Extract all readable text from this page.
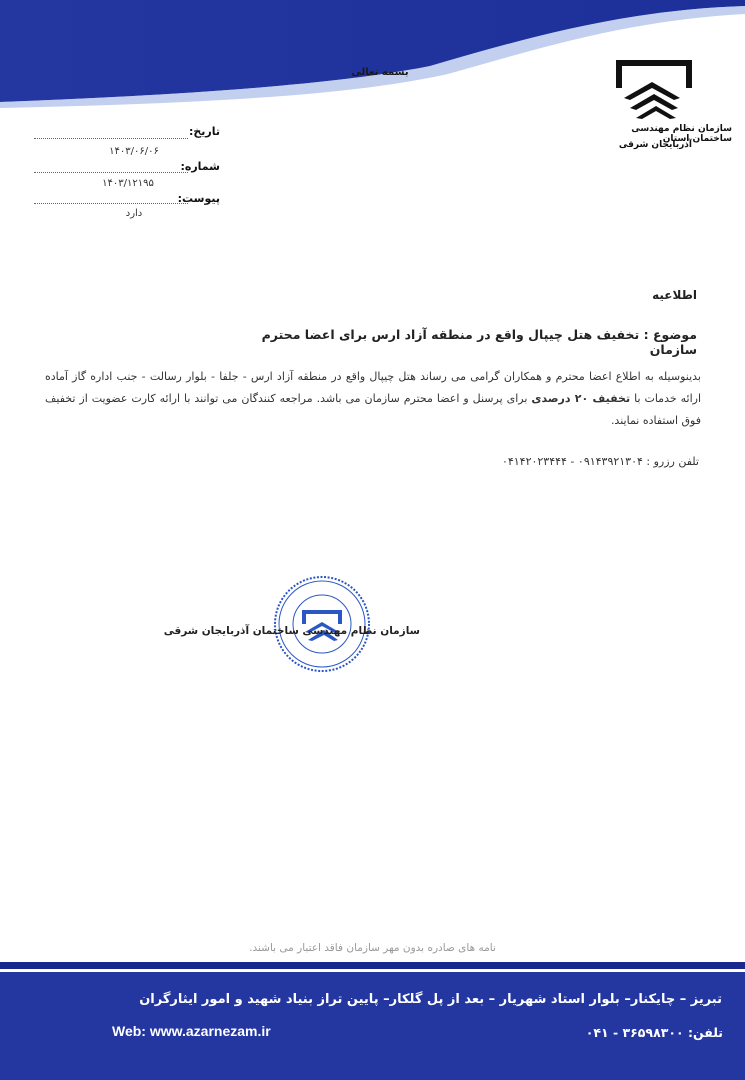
بسمه تعالی
سازمان نظام مهندسی ساختمان استان
آذربایجان شرقی
تاریخ:
۱۴۰۳/۰۶/۰۶
شماره:
۱۴۰۳/۱۲۱۹۵
پیوست:
دارد
اطلاعیه
موضوع : تخفیف هتل چیپال واقع در منطقه آزاد ارس برای اعضا محترم سازمان
بدینوسیله به اطلاع اعضا محترم و همکاران گرامی می رساند هتل چیپال واقع در منطقه آزاد ارس - جلفا - بلوار رسالت - جنب اداره گاز آماده ارائه خدمات با تخفیف ۲۰ درصدی برای پرسنل و اعضا محترم سازمان می باشد. مراجعه کنندگان می توانند با ارائه کارت عضویت از تخفیف فوق استفاده نمایند.
تلفن رزرو : ۰۹۱۴۳۹۲۱۳۰۴ - ۰۴۱۴۲۰۲۳۴۴۴
سازمان نظام مهندسی ساختمان آذربایجان شرقی
نامه های صادره بدون مهر سازمان فاقد اعتبار می باشند.
تبریز – چایکنار– بلوار استاد شهریار – بعد از پل گلکار– پایین تراز بنیاد شهید و امور ایثارگران
Web: www.azarnezam.ir	تلفن: ۳۶۵۹۸۳۰۰ - ۰۴۱
